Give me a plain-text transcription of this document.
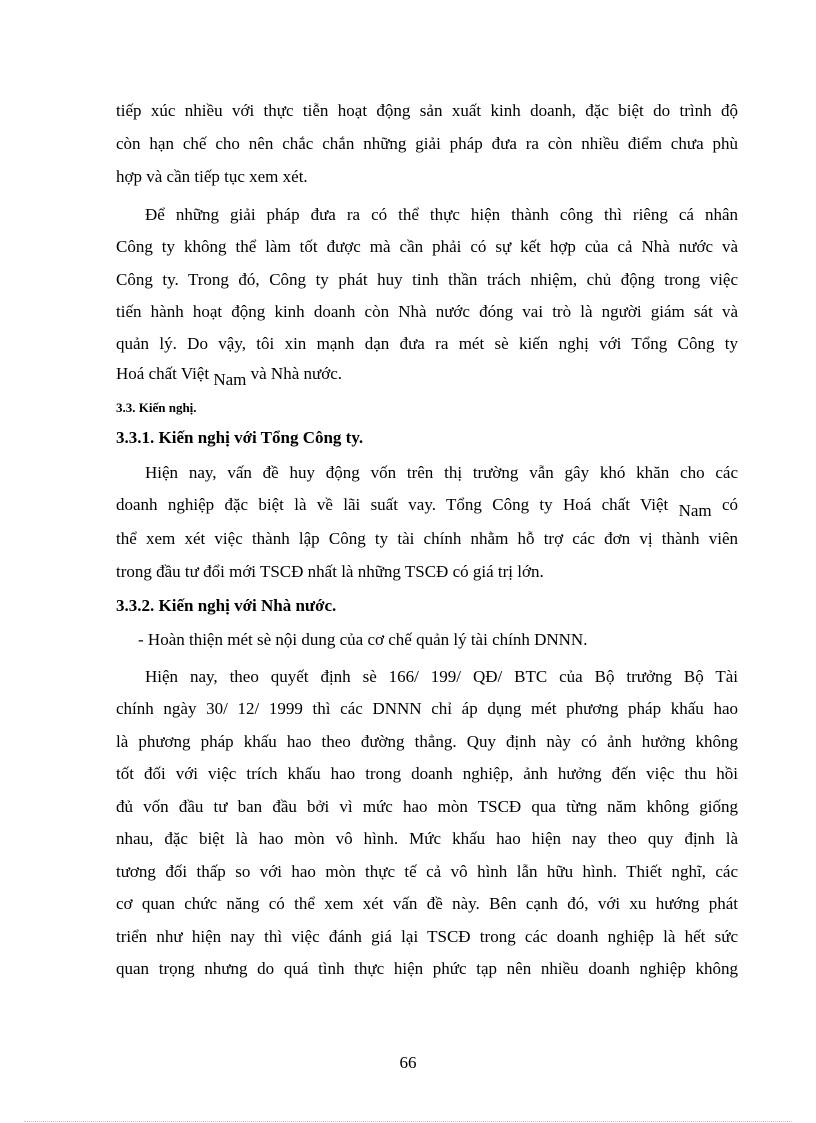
tiếp xúc nhiều với thực tiễn hoạt động sản xuất kinh doanh, đặc biệt do trình độ
còn hạn chế cho nên chắc chắn những giải pháp đưa ra còn nhiều điểm chưa phù
hợp và cần tiếp tục xem xét.
Để những giải pháp đưa ra có thể thực hiện thành công thì riêng cá nhân
Công ty không thể làm tốt được mà cần phải có sự kết hợp của cả Nhà nước và
Công ty. Trong đó, Công ty phát huy tinh thần trách nhiệm, chủ động trong việc
tiến hành hoạt động kinh doanh còn Nhà nước đóng vai trò là người giám sát và
quản lý. Do vậy, tôi xin mạnh dạn đưa ra mét sè kiến nghị với Tổng Công ty
Hoá chất Việt Nam và Nhà nước.
3.3. Kiến nghị.
3.3.1. Kiến nghị với Tổng Công ty.
Hiện nay, vấn đề huy động vốn trên thị trường vẫn gây khó khăn cho các
doanh nghiệp đặc biệt là về lãi suất vay. Tổng Công ty Hoá chất Việt Nam có
thể xem xét việc thành lập Công ty tài chính nhằm hỗ trợ các đơn vị thành viên
trong đầu tư đổi mới TSCĐ nhất là những TSCĐ có giá trị lớn.
3.3.2. Kiến nghị với Nhà nước.
- Hoàn thiện mét sè nội dung của cơ chế quản lý tài chính DNNN.
Hiện nay, theo quyết định sè 166/ 199/ QĐ/ BTC của Bộ trưởng Bộ Tài
chính ngày 30/ 12/ 1999 thì các DNNN chỉ áp dụng mét phương pháp khấu hao
là phương pháp khấu hao theo đường thẳng. Quy định này có ảnh hưởng không
tốt đối với việc trích khấu hao trong doanh nghiệp, ảnh hưởng đến việc thu hồi
đủ vốn đầu tư ban đầu bởi vì mức hao mòn TSCĐ qua từng năm không giống
nhau, đặc biệt là hao mòn vô hình. Mức khấu hao hiện nay theo quy định là
tương đối thấp so với hao mòn thực tế cả vô hình lẫn hữu hình. Thiết nghĩ, các
cơ quan chức năng có thể xem xét vấn đề này. Bên cạnh đó, với xu hướng phát
triển như hiện nay thì việc đánh giá lại TSCĐ trong các doanh nghiệp là hết sức
quan trọng nhưng do quá tình thực hiện phức tạp nên nhiều doanh nghiệp không
66
